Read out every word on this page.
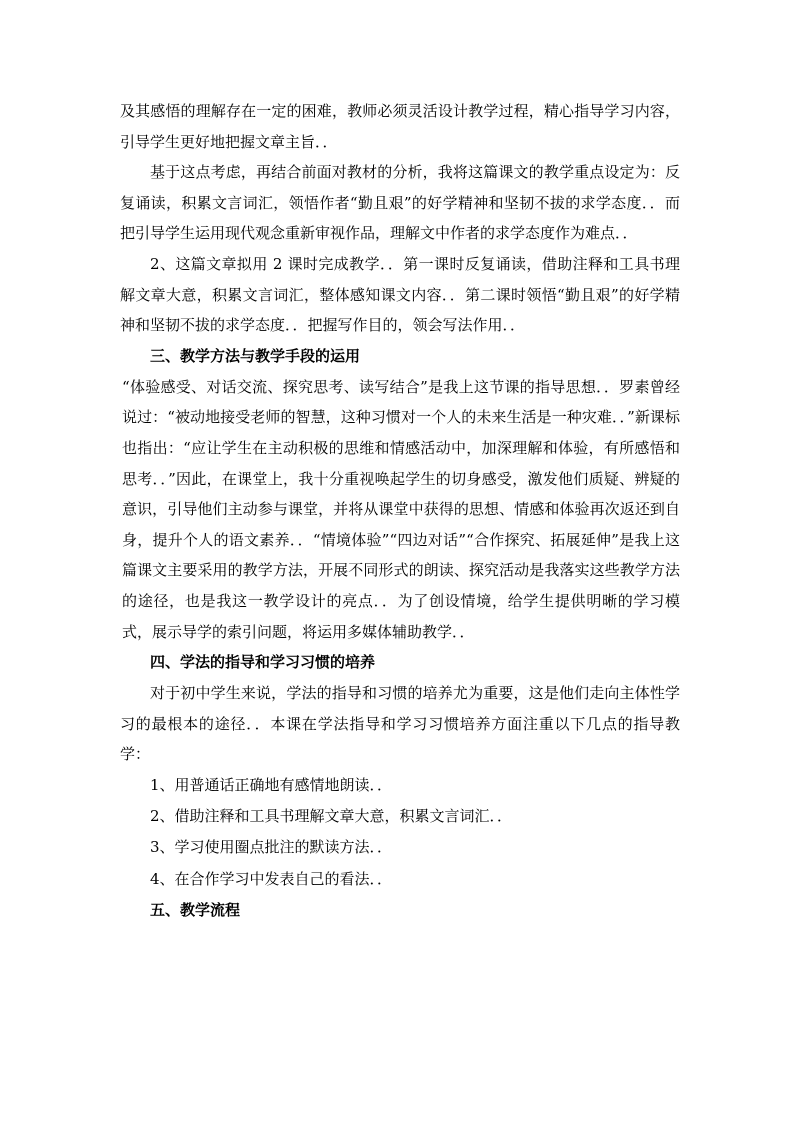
及其感悟的理解存在一定的困难，教师必须灵活设计教学过程，精心指导学习内容，引导学生更好地把握文章主旨．．

基于这点考虑，再结合前面对教材的分析，我将这篇课文的教学重点设定为：反复诵读，积累文言词汇，领悟作者“勤且艰”的好学精神和坚韧不拔的求学态度．．而把引导学生运用现代观念重新审视作品，理解文中作者的求学态度作为难点．．

2、这篇文章拟用 2 课时完成教学．．第一课时反复诵读，借助注释和工具书理解文章大意，积累文言词汇，整体感知课文内容．．第二课时领悟“勤且艰”的好学精神和坚韧不拔的求学态度．．把握写作目的，领会写法作用．．

三、教学方法与教学手段的运用

“体验感受、对话交流、探究思考、读写结合”是我上这节课的指导思想．．罗素曾经说过：“被动地接受老师的智慧，这种习惯对一个人的未来生活是一种灾难．．”新课标也指出：“应让学生在主动积极的思维和情感活动中，加深理解和体验，有所感悟和思考．．”因此，在课堂上，我十分重视唤起学生的切身感受，激发他们质疑、辨疑的意识，引导他们主动参与课堂，并将从课堂中获得的思想、情感和体验再次返还到自身，提升个人的语文素养．．“情境体验”“四边对话”“合作探究、拓展延伸”是我上这篇课文主要采用的教学方法，开展不同形式的朗读、探究活动是我落实这些教学方法的途径，也是我这一教学设计的亮点．．为了创设情境，给学生提供明晰的学习模式，展示导学的索引问题，将运用多媒体辅助教学．．

四、学法的指导和学习习惯的培养

对于初中学生来说，学法的指导和习惯的培养尤为重要，这是他们走向主体性学习的最根本的途径．．本课在学法指导和学习习惯培养方面注重以下几点的指导教学：

1、用普通话正确地有感情地朗读．．

2、借助注释和工具书理解文章大意，积累文言词汇．．

3、学习使用圈点批注的默读方法．．

4、在合作学习中发表自己的看法．．

五、教学流程
